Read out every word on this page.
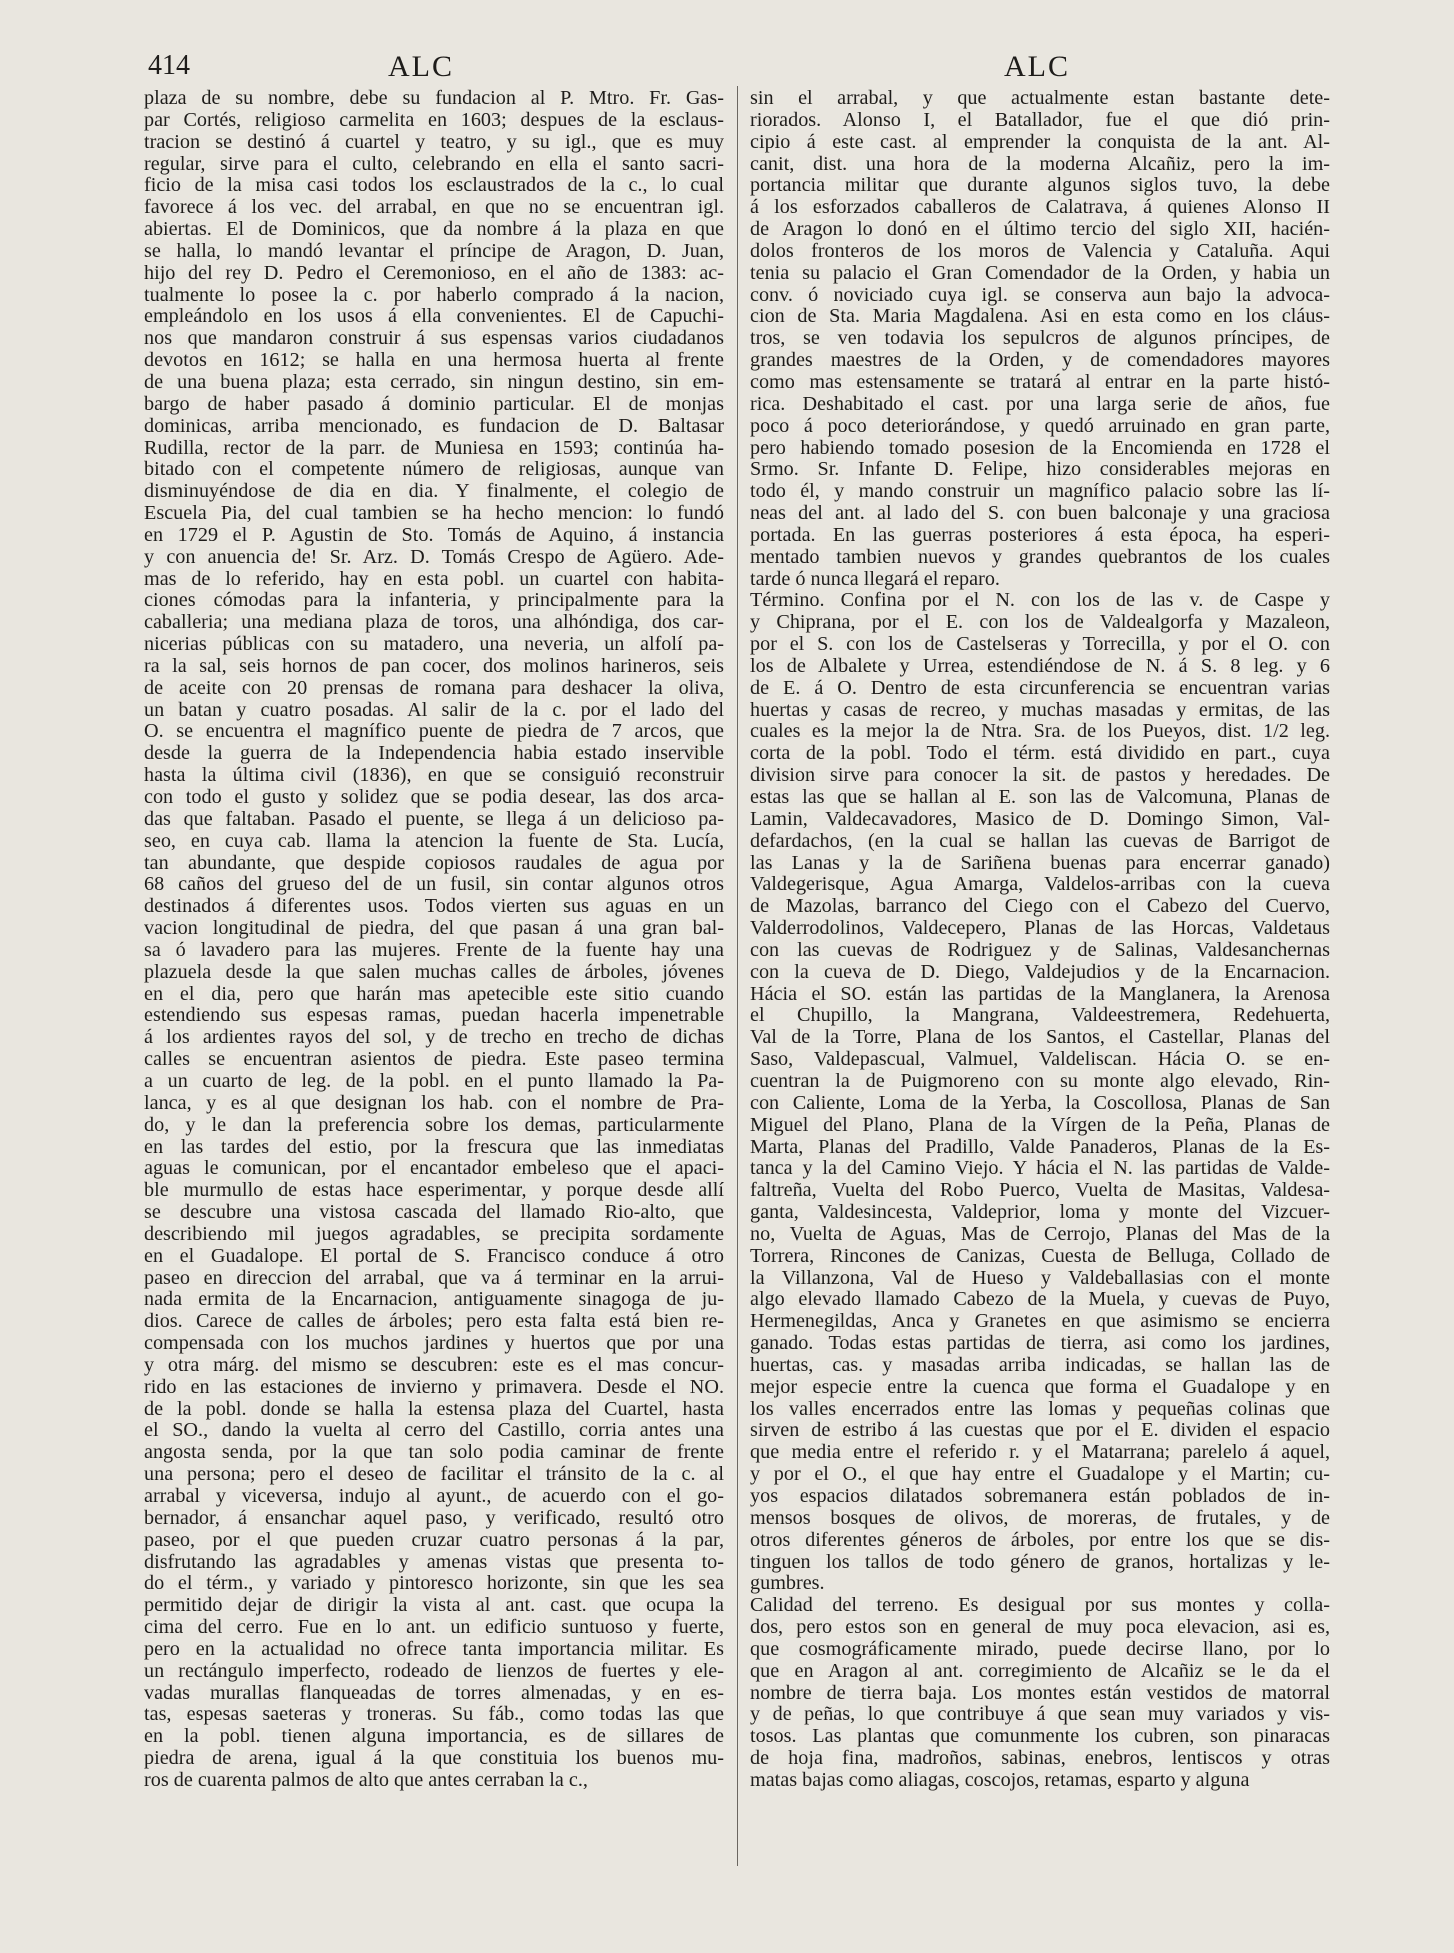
414	ALC	ALC
plaza de su nombre, debe su fundacion al P. Mtro. Fr. Gas-
par Cortés, religioso carmelita en 1603; despues de la esclaus-
tracion se destinó á cuartel y teatro, y su igl., que es muy
regular, sirve para el culto, celebrando en ella el santo sacri-
ficio de la misa casi todos los esclaustrados de la c., lo cual
favorece á los vec. del arrabal, en que no se encuentran igl.
abiertas. El de Dominicos, que da nombre á la plaza en que
se halla, lo mandó levantar el príncipe de Aragon, D. Juan,
hijo del rey D. Pedro el Ceremonioso, en el año de 1383: ac-
tualmente lo posee la c. por haberlo comprado á la nacion,
empleándolo en los usos á ella convenientes. El de Capuchi-
nos que mandaron construir á sus espensas varios ciudadanos
devotos en 1612; se halla en una hermosa huerta al frente
de una buena plaza; esta cerrado, sin ningun destino, sin em-
bargo de haber pasado á dominio particular. El de monjas
dominicas, arriba mencionado, es fundacion de D. Baltasar
Rudilla, rector de la parr. de Muniesa en 1593; continúa ha-
bitado con el competente número de religiosas, aunque van
disminuyéndose de dia en dia. Y finalmente, el colegio de
Escuela Pia, del cual tambien se ha hecho mencion: lo fundó
en 1729 el P. Agustin de Sto. Tomás de Aquino, á instancia
y con anuencia de! Sr. Arz. D. Tomás Crespo de Agüero. Ade-
mas de lo referido, hay en esta pobl. un cuartel con habita-
ciones cómodas para la infanteria, y principalmente para la
caballeria; una mediana plaza de toros, una alhóndiga, dos car-
nicerias públicas con su matadero, una neveria, un alfolí pa-
ra la sal, seis hornos de pan cocer, dos molinos harineros, seis
de aceite con 20 prensas de romana para deshacer la oliva,
un batan y cuatro posadas. Al salir de la c. por el lado del
O. se encuentra el magnífico puente de piedra de 7 arcos, que
desde la guerra de la Independencia habia estado inservible
hasta la última civil (1836), en que se consiguió reconstruir
con todo el gusto y solidez que se podia desear, las dos arca-
das que faltaban. Pasado el puente, se llega á un delicioso pa-
seo, en cuya cab. llama la atencion la fuente de Sta. Lucía,
tan abundante, que despide copiosos raudales de agua por
68 caños del grueso del de un fusil, sin contar algunos otros
destinados á diferentes usos. Todos vierten sus aguas en un
vacion longitudinal de piedra, del que pasan á una gran bal-
sa ó lavadero para las mujeres. Frente de la fuente hay una
plazuela desde la que salen muchas calles de árboles, jóvenes
en el dia, pero que harán mas apetecible este sitio cuando
estendiendo sus espesas ramas, puedan hacerla impenetrable
á los ardientes rayos del sol, y de trecho en trecho de dichas
calles se encuentran asientos de piedra. Este paseo termina
a un cuarto de leg. de la pobl. en el punto llamado la Pa-
lanca, y es al que designan los hab. con el nombre de Pra-
do, y le dan la preferencia sobre los demas, particularmente
en las tardes del estio, por la frescura que las inmediatas
aguas le comunican, por el encantador embeleso que el apaci-
ble murmullo de estas hace esperimentar, y porque desde allí
se descubre una vistosa cascada del llamado Rio-alto, que
describiendo mil juegos agradables, se precipita sordamente
en el Guadalope. El portal de S. Francisco conduce á otro
paseo en direccion del arrabal, que va á terminar en la arrui-
nada ermita de la Encarnacion, antiguamente sinagoga de ju-
dios. Carece de calles de árboles; pero esta falta está bien re-
compensada con los muchos jardines y huertos que por una
y otra márg. del mismo se descubren: este es el mas concur-
rido en las estaciones de invierno y primavera. Desde el NO.
de la pobl. donde se halla la estensa plaza del Cuartel, hasta
el SO., dando la vuelta al cerro del Castillo, corria antes una
angosta senda, por la que tan solo podia caminar de frente
una persona; pero el deseo de facilitar el tránsito de la c. al
arrabal y viceversa, indujo al ayunt., de acuerdo con el go-
bernador, á ensanchar aquel paso, y verificado, resultó otro
paseo, por el que pueden cruzar cuatro personas á la par,
disfrutando las agradables y amenas vistas que presenta to-
do el térm., y variado y pintoresco horizonte, sin que les sea
permitido dejar de dirigir la vista al ant. cast. que ocupa la
cima del cerro. Fue en lo ant. un edificio suntuoso y fuerte,
pero en la actualidad no ofrece tanta importancia militar. Es
un rectángulo imperfecto, rodeado de lienzos de fuertes y ele-
vadas murallas flanqueadas de torres almenadas, y en es-
tas, espesas saeteras y troneras. Su fáb., como todas las que
en la pobl. tienen alguna importancia, es de sillares de
piedra de arena, igual á la que constituia los buenos mu-
ros de cuarenta palmos de alto que antes cerraban la c.,
sin el arrabal, y que actualmente estan bastante dete-
riorados. Alonso I, el Batallador, fue el que dió prin-
cipio á este cast. al emprender la conquista de la ant. Al-
canit, dist. una hora de la moderna Alcañiz, pero la im-
portancia militar que durante algunos siglos tuvo, la debe
á los esforzados caballeros de Calatrava, á quienes Alonso II
de Aragon lo donó en el último tercio del siglo XII, hacién-
dolos fronteros de los moros de Valencia y Cataluña. Aqui
tenia su palacio el Gran Comendador de la Orden, y habia un
conv. ó noviciado cuya igl. se conserva aun bajo la advoca-
cion de Sta. Maria Magdalena. Asi en esta como en los cláus-
tros, se ven todavia los sepulcros de algunos príncipes, de
grandes maestres de la Orden, y de comendadores mayores
como mas estensamente se tratará al entrar en la parte histó-
rica. Deshabitado el cast. por una larga serie de años, fue
poco á poco deteriorándose, y quedó arruinado en gran parte,
pero habiendo tomado posesion de la Encomienda en 1728 el
Srmo. Sr. Infante D. Felipe, hizo considerables mejoras en
todo él, y mando construir un magnífico palacio sobre las lí-
neas del ant. al lado del S. con buen balconaje y una graciosa
portada. En las guerras posteriores á esta época, ha esperi-
mentado tambien nuevos y grandes quebrantos de los cuales
tarde ó nunca llegará el reparo.
Término. Confina por el N. con los de las v. de Caspe y
y Chiprana, por el E. con los de Valdealgorfa y Mazaleon,
por el S. con los de Castelseras y Torrecilla, y por el O. con
los de Albalete y Urrea, estendiéndose de N. á S. 8 leg. y 6
de E. á O. Dentro de esta circunferencia se encuentran varias
huertas y casas de recreo, y muchas masadas y ermitas, de las
cuales es la mejor la de Ntra. Sra. de los Pueyos, dist. 1/2 leg.
corta de la pobl. Todo el térm. está dividido en part., cuya
division sirve para conocer la sit. de pastos y heredades. De
estas las que se hallan al E. son las de Valcomuna, Planas de
Lamin, Valdecavadores, Masico de D. Domingo Simon, Val-
defardachos, (en la cual se hallan las cuevas de Barrigot de
las Lanas y la de Sariñena buenas para encerrar ganado)
Valdegerisque, Agua Amarga, Valdelos-arribas con la cueva
de Mazolas, barranco del Ciego con el Cabezo del Cuervo,
Valderrodolinos, Valdecepero, Planas de las Horcas, Valdetaus
con las cuevas de Rodriguez y de Salinas, Valdesanchernas
con la cueva de D. Diego, Valdejudios y de la Encarnacion.
Hácia el SO. están las partidas de la Manglanera, la Arenosa
el Chupillo, la Mangrana, Valdeestremera, Redehuerta,
Val de la Torre, Plana de los Santos, el Castellar, Planas del
Saso, Valdepascual, Valmuel, Valdeliscan. Hácia O. se en-
cuentran la de Puigmoreno con su monte algo elevado, Rin-
con Caliente, Loma de la Yerba, la Coscollosa, Planas de San
Miguel del Plano, Plana de la Vírgen de la Peña, Planas de
Marta, Planas del Pradillo, Valde Panaderos, Planas de la Es-
tanca y la del Camino Viejo. Y hácia el N. las partidas de Valde-
faltreña, Vuelta del Robo Puerco, Vuelta de Masitas, Valdesa-
ganta, Valdesincesta, Valdeprior, loma y monte del Vizcuer-
no, Vuelta de Aguas, Mas de Cerrojo, Planas del Mas de la
Torrera, Rincones de Canizas, Cuesta de Belluga, Collado de
la Villanzona, Val de Hueso y Valdeballasias con el monte
algo elevado llamado Cabezo de la Muela, y cuevas de Puyo,
Hermenegildas, Anca y Granetes en que asimismo se encierra
ganado. Todas estas partidas de tierra, asi como los jardines,
huertas, cas. y masadas arriba indicadas, se hallan las de
mejor especie entre la cuenca que forma el Guadalope y en
los valles encerrados entre las lomas y pequeñas colinas que
sirven de estribo á las cuestas que por el E. dividen el espacio
que media entre el referido r. y el Matarrana; parelelo á aquel,
y por el O., el que hay entre el Guadalope y el Martin; cu-
yos espacios dilatados sobremanera están poblados de in-
mensos bosques de olivos, de moreras, de frutales, y de
otros diferentes géneros de árboles, por entre los que se dis-
tinguen los tallos de todo género de granos, hortalizas y le-
gumbres.
Calidad del terreno. Es desigual por sus montes y colla-
dos, pero estos son en general de muy poca elevacion, asi es,
que cosmográficamente mirado, puede decirse llano, por lo
que en Aragon al ant. corregimiento de Alcañiz se le da el
nombre de tierra baja. Los montes están vestidos de matorral
y de peñas, lo que contribuye á que sean muy variados y vis-
tosos. Las plantas que comunmente los cubren, son pinaracas
de hoja fina, madroños, sabinas, enebros, lentiscos y otras
matas bajas como aliagas, coscojos, retamas, esparto y alguna
